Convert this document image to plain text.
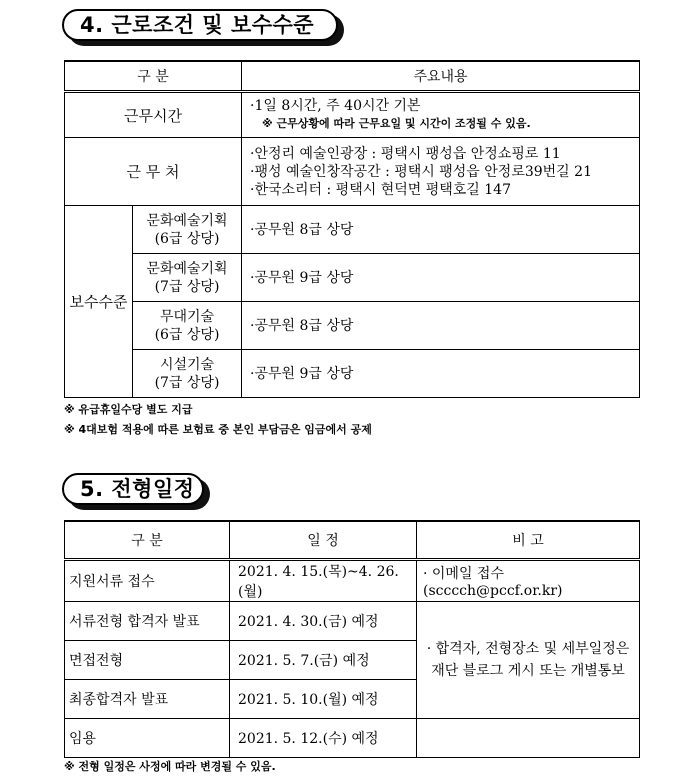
4. 근로조건 및 보수수준
구 분		주요내용
근무시간		·1일 8시간, 주 40시간 기본
※ 근무상황에 따라 근무요일 및 시간이 조정될 수 있음.

근 무 처		·안정리 예술인광장 : 평택시 팽성읍 안정쇼핑로 11
·팽성 예술인창작공간 : 평택시 팽성읍 안정로39번길 21
·한국소리터 : 평택시 현덕면 평택호길 147

보수수준	문화예술기획
(6급 상당)	·공무원 8급 상당

	문화예술기획
(7급 상당)	·공무원 9급 상당

	무대기술
(6급 상당)	·공무원 8급 상당

	시설기술
(7급 상당)	·공무원 9급 상당
※ 유급휴일수당 별도 지급
※ 4대보험 적용에 따른 보험료 중 본인 부담금은 임금에서 공제
5. 전형일정
구 분	일 정	비 고
지원서류 접수	2021. 4. 15.(목)~4. 26.(월)	· 이메일 접수(scccch@pccf.or.kr)
서류전형 합격자 발표	2021. 4. 30.(금) 예정	· 합격자, 전형장소 및 세부일정은
재단 블로그 게시 또는 개별통보

면접전형	2021. 5. 7.(금) 예정	
최종합격자 발표	2021. 5. 10.(월) 예정	
임용	2021. 5. 12.(수) 예정	
※ 전형 일정은 사정에 따라 변경될 수 있음.
